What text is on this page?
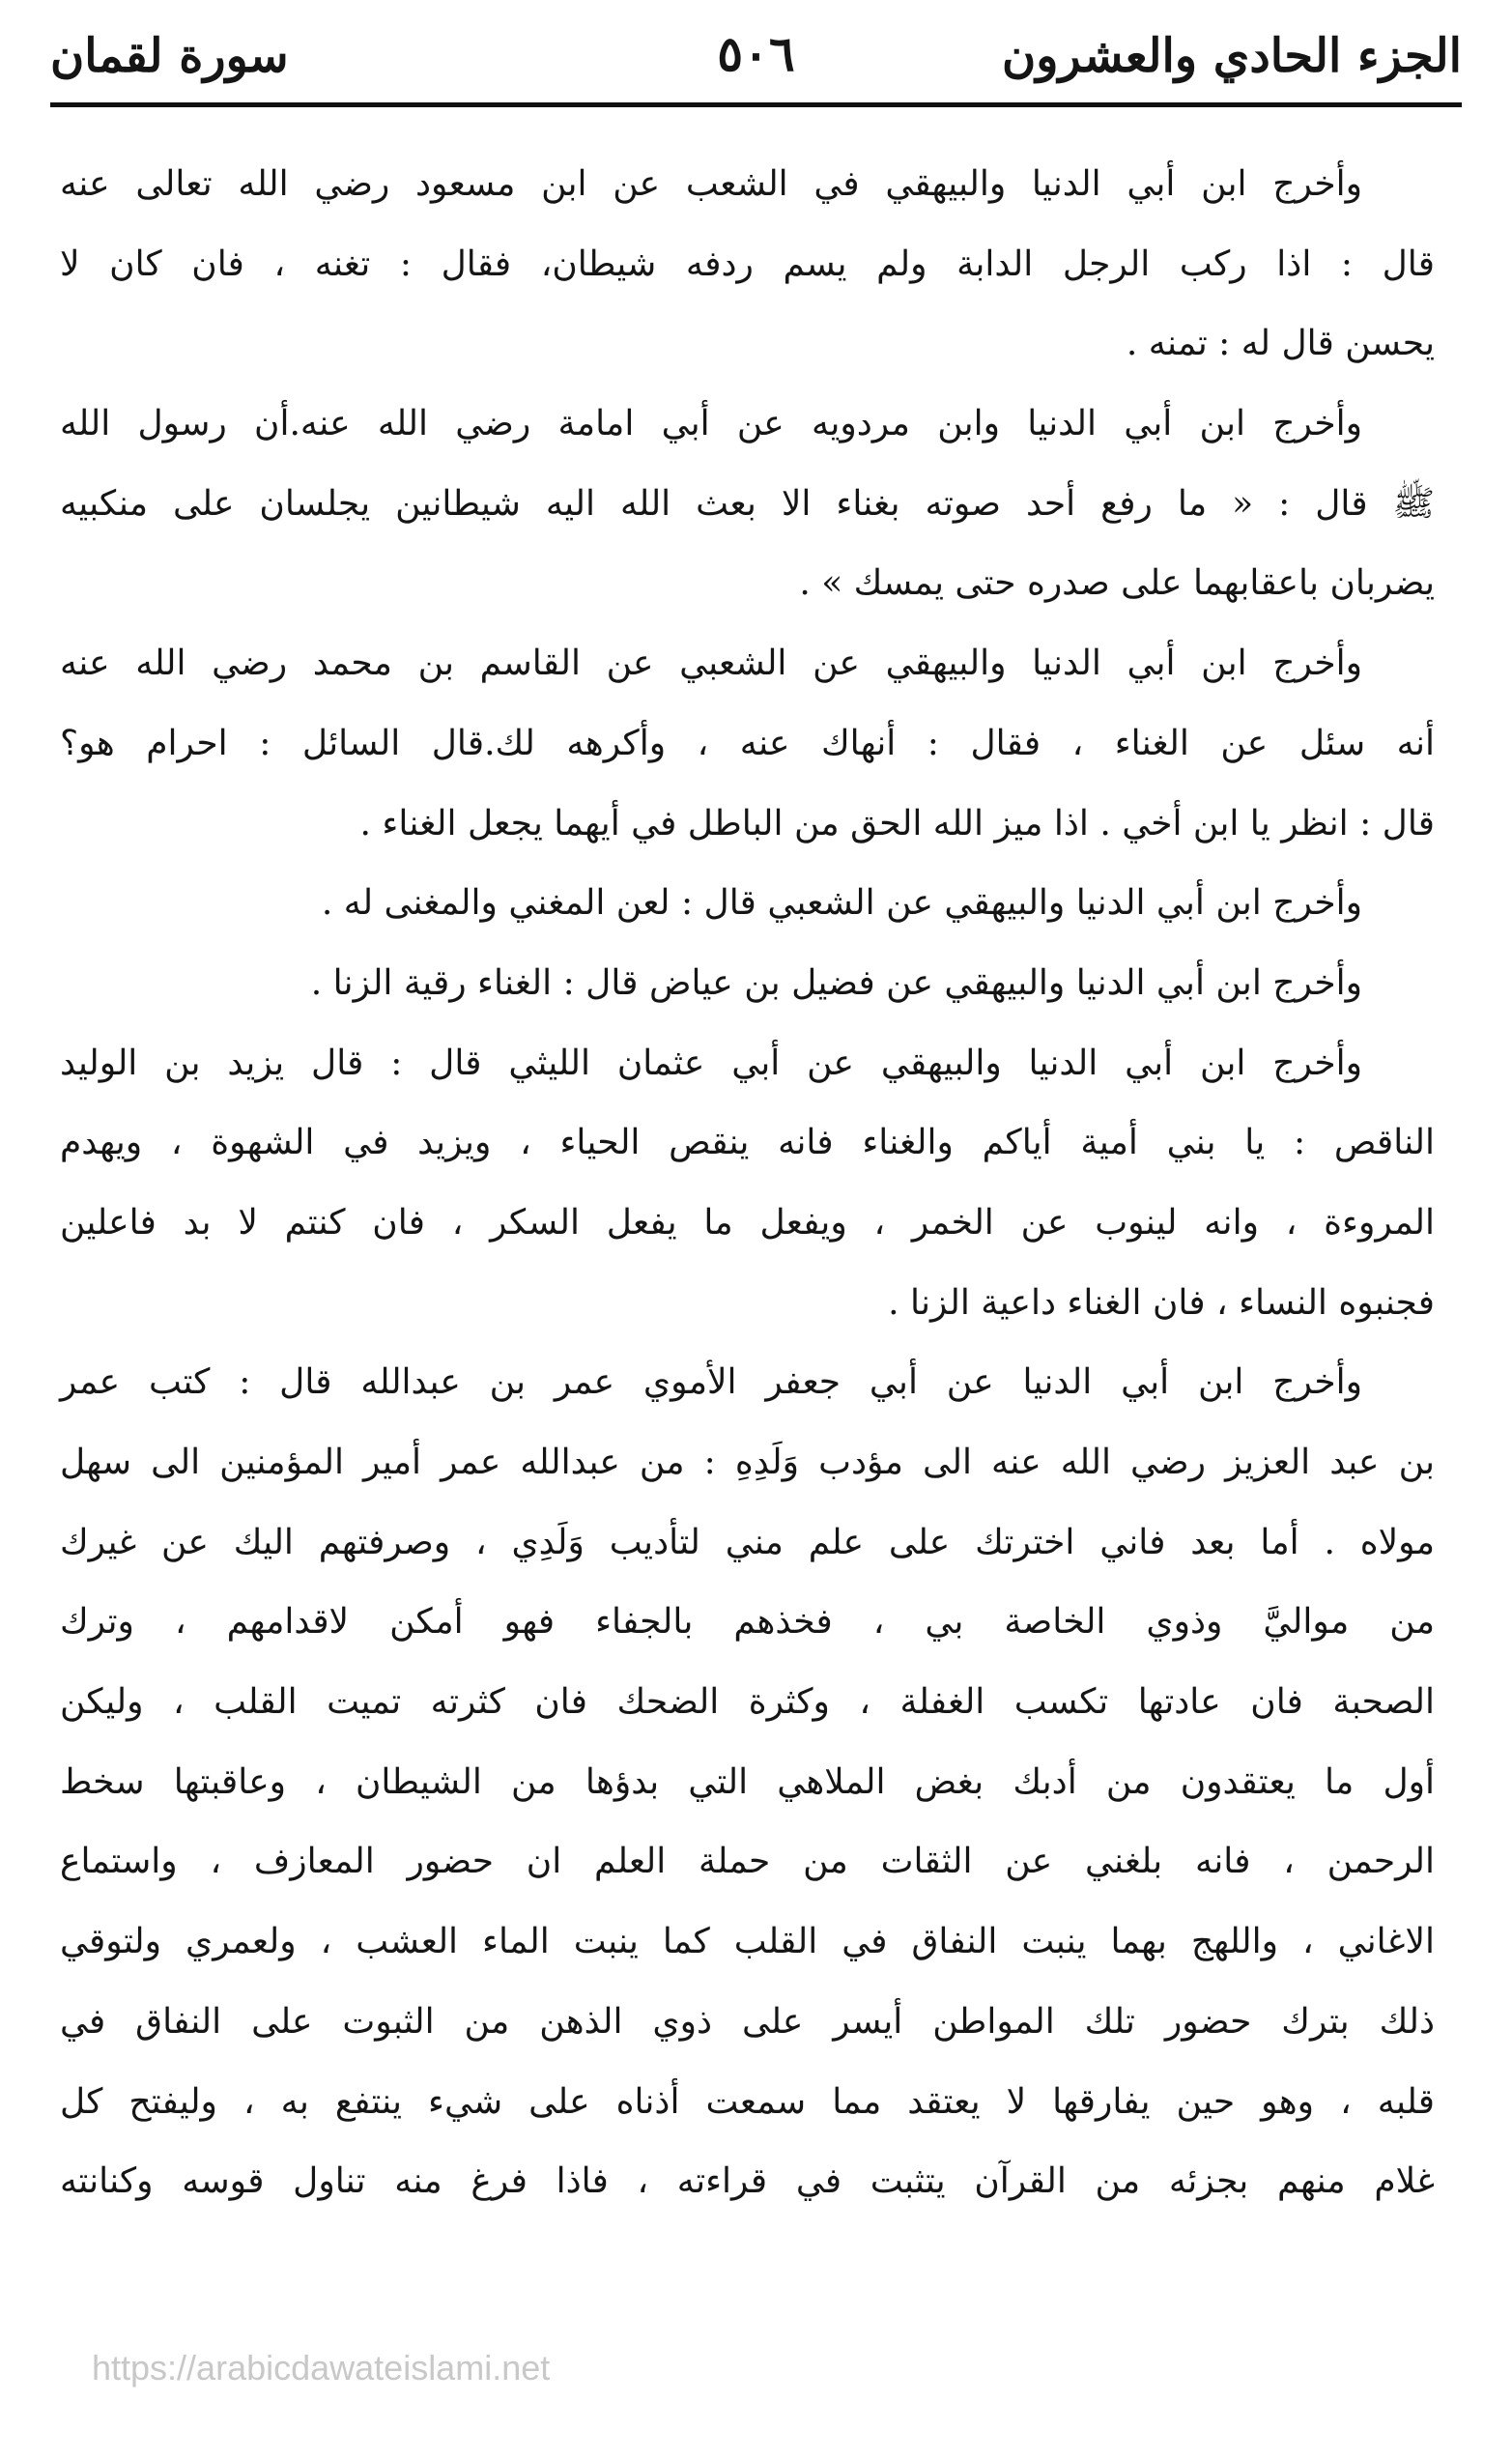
الجزء الحادي والعشرون
٥٠٦
سورة لقمان
وأخرج ابن أبي الدنيا والبيهقي في الشعب عن ابن مسعود رضي الله تعالى عنه
قال : اذا ركب الرجل الدابة ولم يسم ردفه شيطان، فقال : تغنه ، فان كان لا
يحسن قال له : تمنه .
وأخرج ابن أبي الدنيا وابن مردويه عن أبي امامة رضي الله عنه.أن رسول الله
ﷺ قال : « ما رفع أحد صوته بغناء الا بعث الله اليه شيطانين يجلسان على منكبيه
يضربان باعقابهما على صدره حتى يمسك » .
وأخرج ابن أبي الدنيا والبيهقي عن الشعبي عن القاسم بن محمد رضي الله عنه
أنه سئل عن الغناء ، فقال : أنهاك عنه ، وأكرهه لك.قال السائل : احرام هو؟
قال : انظر يا ابن أخي . اذا ميز الله الحق من الباطل في أيهما يجعل الغناء .
وأخرج ابن أبي الدنيا والبيهقي عن الشعبي قال : لعن المغني والمغنى له .
وأخرج ابن أبي الدنيا والبيهقي عن فضيل بن عياض قال : الغناء رقية الزنا .
وأخرج ابن أبي الدنيا والبيهقي عن أبي عثمان الليثي قال : قال يزيد بن الوليد
الناقص : يا بني أمية أياكم والغناء فانه ينقص الحياء ، ويزيد في الشهوة ، ويهدم
المروءة ، وانه لينوب عن الخمر ، ويفعل ما يفعل السكر ، فان كنتم لا بد فاعلين
فجنبوه النساء ، فان الغناء داعية الزنا .
وأخرج ابن أبي الدنيا عن أبي جعفر الأموي عمر بن عبدالله قال : كتب عمر
بن عبد العزيز رضي الله عنه الى مؤدب وَلَدِهِ : من عبدالله عمر أمير المؤمنين الى سهل
مولاه . أما بعد فاني اخترتك على علم مني لتأديب وَلَدِي ، وصرفتهم اليك عن غيرك
من مواليَّ وذوي الخاصة بي ، فخذهم بالجفاء فهو أمكن لاقدامهم ، وترك
الصحبة فان عادتها تكسب الغفلة ، وكثرة الضحك فان كثرته تميت القلب ، وليكن
أول ما يعتقدون من أدبك بغض الملاهي التي بدؤها من الشيطان ، وعاقبتها سخط
الرحمن ، فانه بلغني عن الثقات من حملة العلم ان حضور المعازف ، واستماع
الاغاني ، واللهج بهما ينبت النفاق في القلب كما ينبت الماء العشب ، ولعمري ولتوقي
ذلك بترك حضور تلك المواطن أيسر على ذوي الذهن من الثبوت على النفاق في
قلبه ، وهو حين يفارقها لا يعتقد مما سمعت أذناه على شيء ينتفع به ، وليفتح كل
غلام منهم بجزئه من القرآن يتثبت في قراءته ، فاذا فرغ منه تناول قوسه وكنانته
https://arabicdawateislami.net
